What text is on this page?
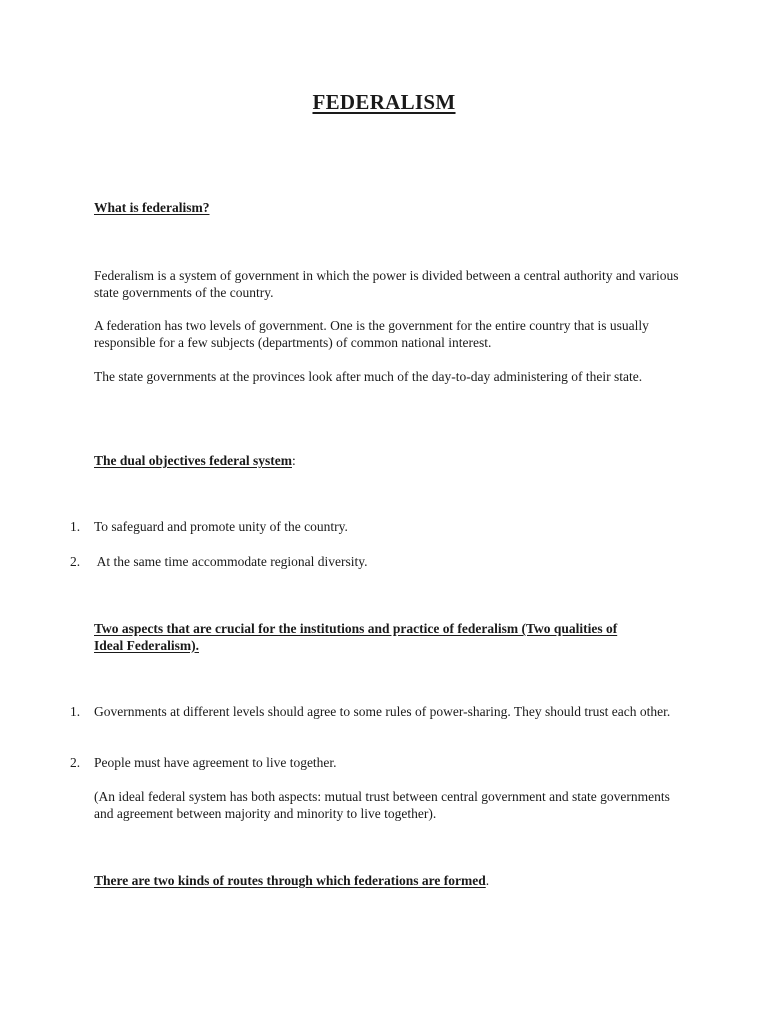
FEDERALISM
What is federalism?
Federalism is a system of government in which the power is divided between a central authority and various state governments of the country.
A federation has two levels of government. One is the government for the entire country that is usually responsible for a few subjects (departments) of common national interest.
The state governments at the provinces look after much of the day-to-day administering of their state.
The dual objectives federal system:
1. To safeguard and promote unity of the country.
2. At the same time accommodate regional diversity.
Two aspects that are crucial for the institutions and practice of federalism (Two qualities of Ideal Federalism).
1. Governments at different levels should agree to some rules of power-sharing. They should trust each other.
2. People must have agreement to live together.
(An ideal federal system has both aspects: mutual trust between central government and state governments and agreement between majority and minority to live together).
There are two kinds of routes through which federations are formed.
